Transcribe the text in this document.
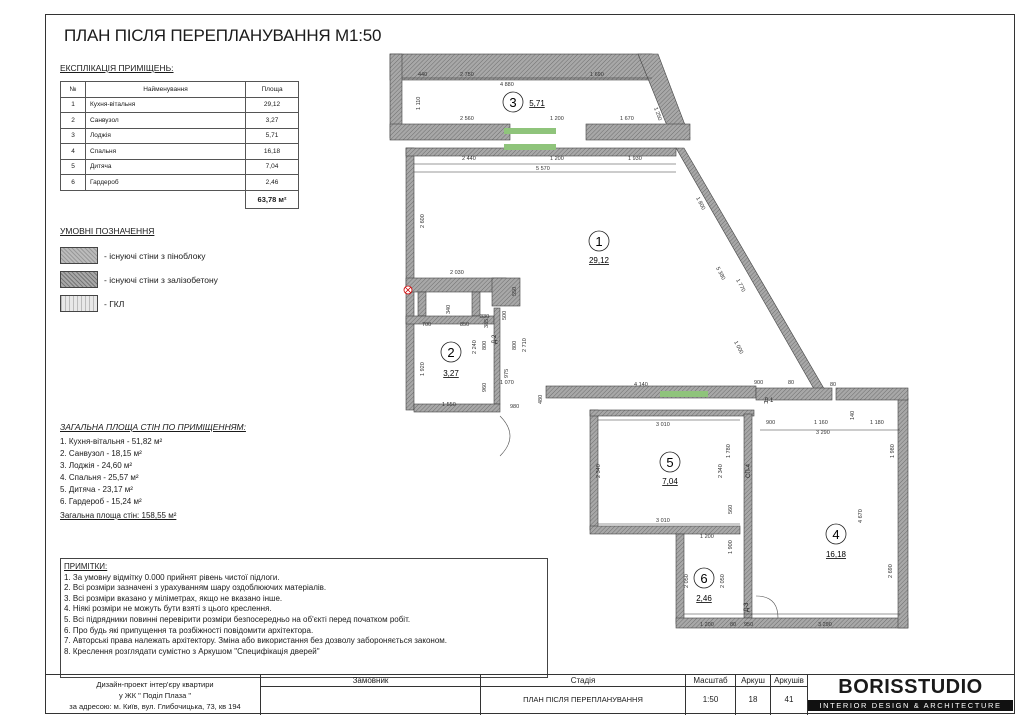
ПЛАН ПІСЛЯ ПЕРЕПЛАНУВАННЯ М1:50
ЕКСПЛІКАЦІЯ ПРИМІЩЕНЬ:
№	Найменування	Площа
1	Кухня-вітальня	29,12
2	Санвузол	3,27
3	Лоджія	5,71
4	Спальня	16,18
5	Дитяча	7,04
6	Гардероб	2,46
		63,78 м²
УМОВНІ ПОЗНАЧЕННЯ
- існуючі стіни з піноблоку
- існуючі стіни з залізобетону
- ГКЛ
ЗАГАЛЬНА ПЛОЩА СТІН ПО ПРИМІЩЕННЯМ:
1. Кухня-вітальня - 51,82 м²
2. Санвузол - 18,15 м²
3. Лоджія - 24,60 м²
4. Спальня - 25,57 м²
5. Дитяча - 23,17 м²
6. Гардероб - 15,24 м²
Загальна площа стін: 158,55 м²
ПРИМІТКИ:
1. За умовну відмітку 0.000 прийнят рівень чистої підлоги.
2. Всі розміри зазначені з урахуванням шару оздоблюючих матеріалів.
3. Всі розміри вказано у міліметрах, якщо не вказано інше.
4. Ніякі розміри не можуть бути взяті з цього креслення.
5. Всі підрядники повинні перевірити розміри безпосередньо на об'єкті перед початком робіт.
6. Про будь які припущення та розбіжності повідомити архітектора.
7. Авторські права належать архітектору. Зміна або використання без дозволу забороняється законом.
8. Креслення розглядати сумістно з Аркушом "Специфікація дверей"
1
29,12
2
3,27
3 5,71
4
16,18
5
7,04
6
2,46
440	2 750	1 690
4 880
1 110
1 250
2 560	1 200	1 670
2 440	1 200	1 930
5 570
2 600
1 800
5 380
1 770
2 030
550
340
330
385
700	850
500
1 920
2 240 800	2 710
975
800
1 070
960
1 550	980
480
4 140	900	80
1 000
900	1 160	1 180
3 290
3 010
2 340
1 780
2 340
1 980
4 670
560
3 010
1 200
1 900
2 050	2 050
2 690
1 200	3 290
80 950
140
80
Д-2
Д-1
СП-4
Д-3
Дизайн-проект інтер'єру квартири
у ЖК " Поділ Плаза "
за адресою: м. Київ, вул. Глибочицька, 73, кв 194
Замовник	Стадія
ПЛАН ПІСЛЯ ПЕРЕПЛАНУВАННЯ
Масштаб
1:50
Аркуш
18
Аркушів
41
BORISSTUDIO
INTERIOR DESIGN & ARCHITECTURE
